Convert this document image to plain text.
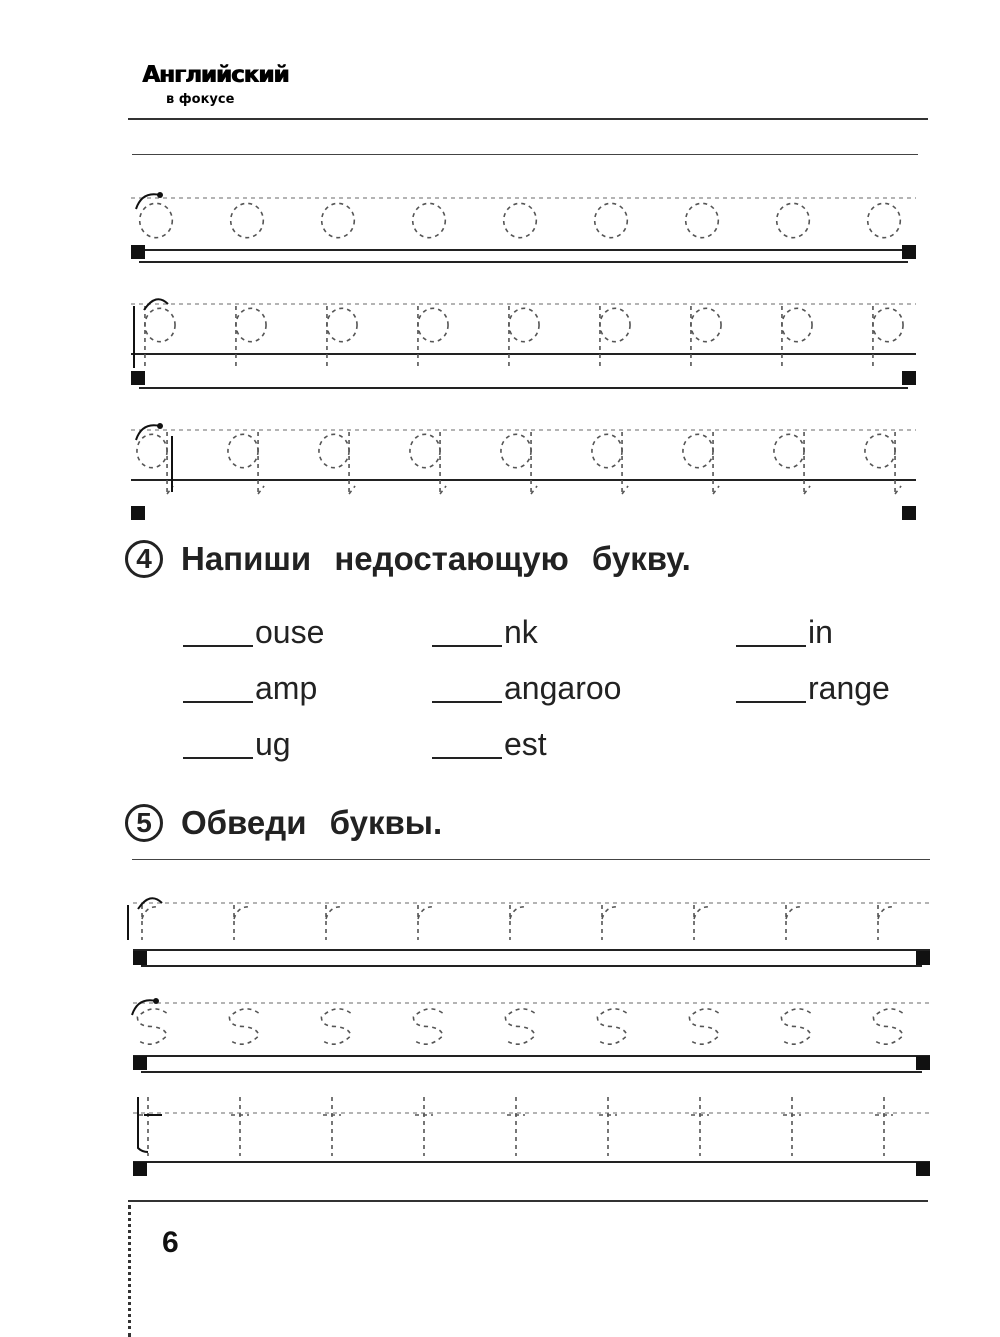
Английский
в фокусе
4 Напиши недостающую букву.
ouse	nk	in
amp	angaroo	range
ug	est
5 Обведи буквы.
6
